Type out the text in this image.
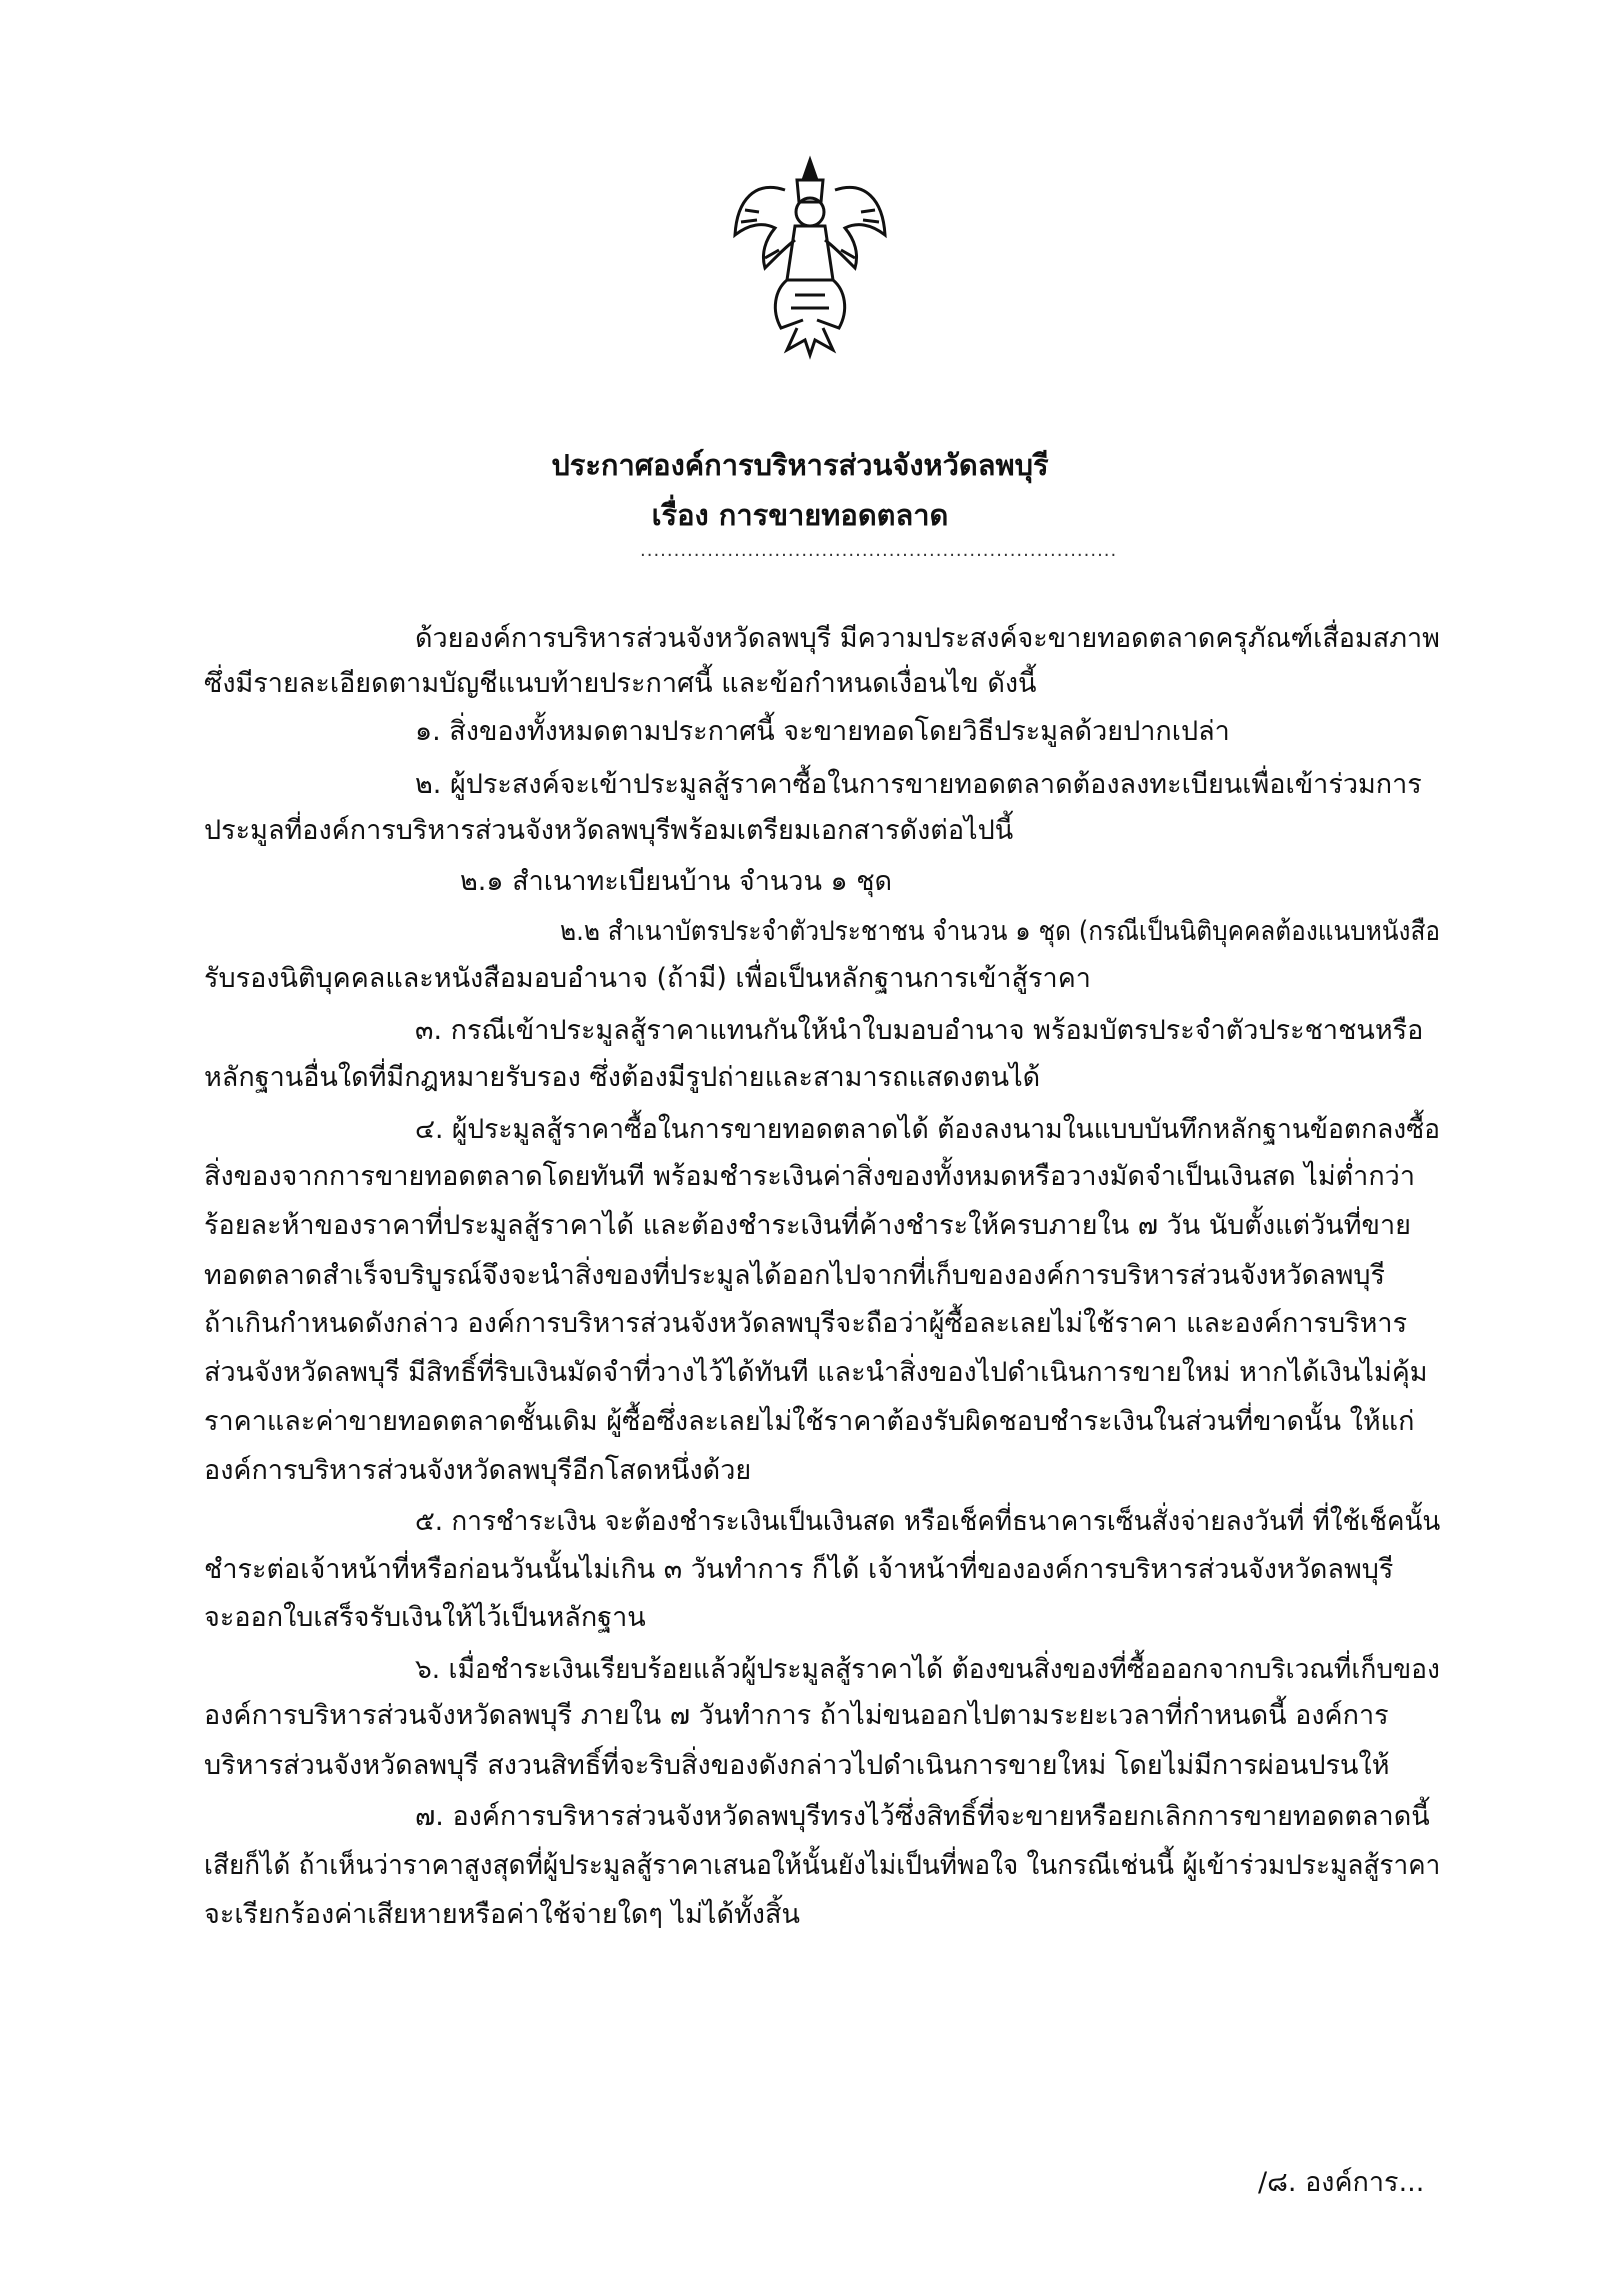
ประกาศองค์การบริหารส่วนจังหวัดลพบุรี
เรื่อง การขายทอดตลาด
.......................................................................
ด้วยองค์การบริหารส่วนจังหวัดลพบุรี มีความประสงค์จะขายทอดตลาดครุภัณฑ์เสื่อมสภาพ
ซึ่งมีรายละเอียดตามบัญชีแนบท้ายประกาศนี้ และข้อกำหนดเงื่อนไข ดังนี้
๑. สิ่งของทั้งหมดตามประกาศนี้ จะขายทอดโดยวิธีประมูลด้วยปากเปล่า
๒. ผู้ประสงค์จะเข้าประมูลสู้ราคาซื้อในการขายทอดตลาดต้องลงทะเบียนเพื่อเข้าร่วมการ
ประมูลที่องค์การบริหารส่วนจังหวัดลพบุรีพร้อมเตรียมเอกสารดังต่อไปนี้
๒.๑ สำเนาทะเบียนบ้าน จำนวน ๑ ชุด
๒.๒ สำเนาบัตรประจำตัวประชาชน จำนวน ๑ ชุด (กรณีเป็นนิติบุคคลต้องแนบหนังสือ
รับรองนิติบุคคลและหนังสือมอบอำนาจ (ถ้ามี) เพื่อเป็นหลักฐานการเข้าสู้ราคา
๓. กรณีเข้าประมูลสู้ราคาแทนกันให้นำใบมอบอำนาจ พร้อมบัตรประจำตัวประชาชนหรือ
หลักฐานอื่นใดที่มีกฎหมายรับรอง ซึ่งต้องมีรูปถ่ายและสามารถแสดงตนได้
๔. ผู้ประมูลสู้ราคาซื้อในการขายทอดตลาดได้ ต้องลงนามในแบบบันทึกหลักฐานข้อตกลงซื้อ
สิ่งของจากการขายทอดตลาดโดยทันที พร้อมชำระเงินค่าสิ่งของทั้งหมดหรือวางมัดจำเป็นเงินสด ไม่ต่ำกว่า
ร้อยละห้าของราคาที่ประมูลสู้ราคาได้ และต้องชำระเงินที่ค้างชำระให้ครบภายใน ๗ วัน นับตั้งแต่วันที่ขาย
ทอดตลาดสำเร็จบริบูรณ์จึงจะนำสิ่งของที่ประมูลได้ออกไปจากที่เก็บขององค์การบริหารส่วนจังหวัดลพบุรี
ถ้าเกินกำหนดดังกล่าว องค์การบริหารส่วนจังหวัดลพบุรีจะถือว่าผู้ซื้อละเลยไม่ใช้ราคา และองค์การบริหาร
ส่วนจังหวัดลพบุรี มีสิทธิ์ที่ริบเงินมัดจำที่วางไว้ได้ทันที และนำสิ่งของไปดำเนินการขายใหม่ หากได้เงินไม่คุ้ม
ราคาและค่าขายทอดตลาดชั้นเดิม ผู้ซื้อซึ่งละเลยไม่ใช้ราคาต้องรับผิดชอบชำระเงินในส่วนที่ขาดนั้น ให้แก่
องค์การบริหารส่วนจังหวัดลพบุรีอีกโสดหนึ่งด้วย
๕. การชำระเงิน จะต้องชำระเงินเป็นเงินสด หรือเช็คที่ธนาคารเซ็นสั่งจ่ายลงวันที่ ที่ใช้เช็คนั้น
ชำระต่อเจ้าหน้าที่หรือก่อนวันนั้นไม่เกิน ๓ วันทำการ ก็ได้ เจ้าหน้าที่ขององค์การบริหารส่วนจังหวัดลพบุรี
จะออกใบเสร็จรับเงินให้ไว้เป็นหลักฐาน
๖. เมื่อชำระเงินเรียบร้อยแล้วผู้ประมูลสู้ราคาได้ ต้องขนสิ่งของที่ซื้อออกจากบริเวณที่เก็บของ
องค์การบริหารส่วนจังหวัดลพบุรี ภายใน ๗ วันทำการ ถ้าไม่ขนออกไปตามระยะเวลาที่กำหนดนี้ องค์การ
บริหารส่วนจังหวัดลพบุรี สงวนสิทธิ์ที่จะริบสิ่งของดังกล่าวไปดำเนินการขายใหม่ โดยไม่มีการผ่อนปรนให้
๗. องค์การบริหารส่วนจังหวัดลพบุรีทรงไว้ซึ่งสิทธิ์ที่จะขายหรือยกเลิกการขายทอดตลาดนี้
เสียก็ได้ ถ้าเห็นว่าราคาสูงสุดที่ผู้ประมูลสู้ราคาเสนอให้นั้นยังไม่เป็นที่พอใจ ในกรณีเช่นนี้ ผู้เข้าร่วมประมูลสู้ราคา
จะเรียกร้องค่าเสียหายหรือค่าใช้จ่ายใดๆ ไม่ได้ทั้งสิ้น
/๘. องค์การ...
